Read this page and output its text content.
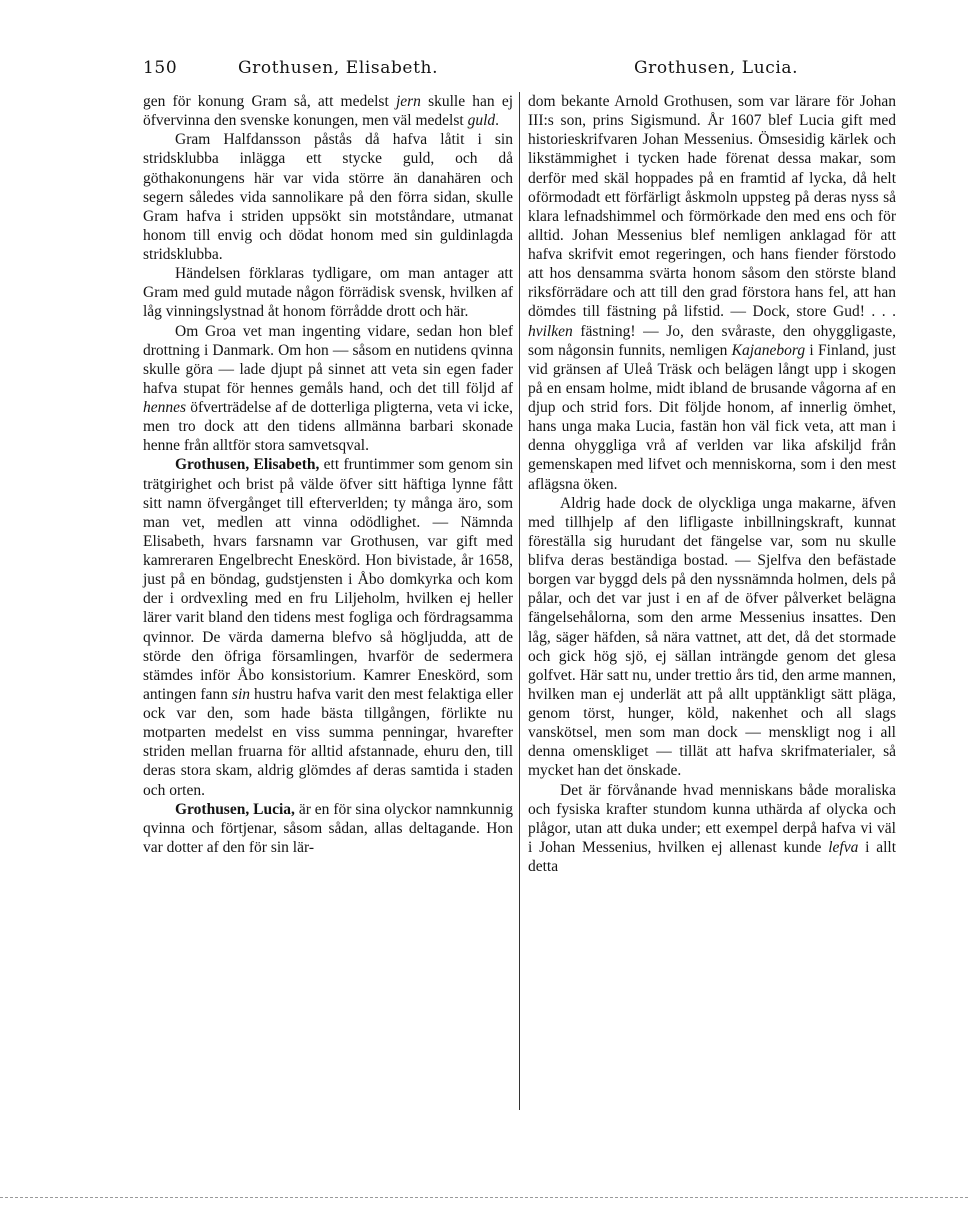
150	Grothusen, Elisabeth.	Grothusen, Lucia.

gen för konung Gram så, att medelst jern skulle han ej öfvervinna den svenske konungen, men väl medelst guld.

Gram Halfdansson påstås då hafva låtit i sin stridsklubba inlägga ett stycke guld, och då göthakonungens här var vida större än danahären och segern således vida sannolikare på den förra sidan, skulle Gram hafva i striden uppsökt sin motståndare, utmanat honom till envig och dödat honom med sin guldinlagda stridsklubba.

Händelsen förklaras tydligare, om man antager att Gram med guld mutade någon förrädisk svensk, hvilken af låg vinningslystnad åt honom förrådde drott och här.

Om Groa vet man ingenting vidare, sedan hon blef drottning i Danmark. Om hon — såsom en nutidens qvinna skulle göra — lade djupt på sinnet att veta sin egen fader hafva stupat för hennes gemåls hand, och det till följd af hennes öfverträdelse af de dotterliga pligterna, veta vi icke, men tro dock att den tidens allmänna barbari skonade henne från alltför stora samvetsqval.

Grothusen, Elisabeth, ett fruntimmer som genom sin trätgirighet och brist på välde öfver sitt häftiga lynne fått sitt namn öfvergånget till efterverlden; ty många äro, som man vet, medlen att vinna odödlighet. — Nämnda Elisabeth, hvars farsnamn var Grothusen, var gift med kamreraren Engelbrecht Eneskörd. Hon bivistade, år 1658, just på en böndag, gudstjensten i Åbo domkyrka och kom der i ordvexling med en fru Liljeholm, hvilken ej heller lärer varit bland den tidens mest fogliga och fördragsamma qvinnor. De värda damerna blefvo så högljudda, att de störde den öfriga församlingen, hvarför de sedermera stämdes inför Åbo konsistorium. Kamrer Eneskörd, som antingen fann sin hustru hafva varit den mest felaktiga eller ock var den, som hade bästa tillgången, förlikte nu motparten medelst en viss summa penningar, hvarefter striden mellan fruarna för alltid afstannade, ehuru den, till deras stora skam, aldrig glömdes af deras samtida i staden och orten.

Grothusen, Lucia, är en för sina olyckor namnkunnig qvinna och förtjenar, såsom sådan, allas deltagande. Hon var dotter af den för sin lär-

dom bekante Arnold Grothusen, som var lärare för Johan III:s son, prins Sigismund. År 1607 blef Lucia gift med historieskrifvaren Johan Messenius. Ömsesidig kärlek och likstämmighet i tycken hade förenat dessa makar, som derför med skäl hoppades på en framtid af lycka, då helt oförmodadt ett förfärligt åskmoln uppsteg på deras nyss så klara lefnadshimmel och förmörkade den med ens och för alltid. Johan Messenius blef nemligen anklagad för att hafva skrifvit emot regeringen, och hans fiender förstodo att hos densamma svärta honom såsom den störste bland riksförrädare och att till den grad förstora hans fel, att han dömdes till fästning på lifstid. — Dock, store Gud! . . . hvilken fästning! — Jo, den svåraste, den ohyggligaste, som någonsin funnits, nemligen Kajaneborg i Finland, just vid gränsen af Uleå Träsk och belägen långt upp i skogen på en ensam holme, midt ibland de brusande vågorna af en djup och strid fors. Dit följde honom, af innerlig ömhet, hans unga maka Lucia, fastän hon väl fick veta, att man i denna ohyggliga vrå af verlden var lika afskiljd från gemenskapen med lifvet och menniskorna, som i den mest aflägsna öken.

Aldrig hade dock de olyckliga unga makarne, äfven med tillhjelp af den lifligaste inbillningskraft, kunnat föreställa sig hurudant det fängelse var, som nu skulle blifva deras beständiga bostad. — Sjelfva den befästade borgen var byggd dels på den nyssnämnda holmen, dels på pålar, och det var just i en af de öfver pålverket belägna fängelsehålorna, som den arme Messenius insattes. Den låg, säger häfden, så nära vattnet, att det, då det stormade och gick hög sjö, ej sällan inträngde genom det glesa golfvet. Här satt nu, under trettio års tid, den arme mannen, hvilken man ej underlät att på allt upptänkligt sätt pläga, genom törst, hunger, köld, nakenhet och all slags vanskötsel, men som man dock — menskligt nog i all denna omenskliget — tillät att hafva skrifmaterialer, så mycket han det önskade.

Det är förvånande hvad menniskans både moraliska och fysiska krafter stundom kunna uthärda af olycka och plågor, utan att duka under; ett exempel derpå hafva vi väl i Johan Messenius, hvilken ej allenast kunde lefva i allt detta
